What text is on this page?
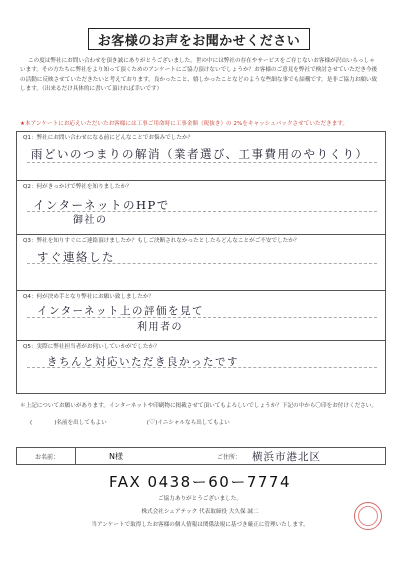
お客様のお声をお聞かせください

この度は弊社にお問い合わせを頂き誠にありがとうございました。世の中には弊社の存在やサービスをご存じないお客様が沢山いらっしゃいます。その方たちに弊社をより知って頂くためのアンケートにご協力頂けないでしょうか？お客様のご意見を弊社で検討させていただき今後の活動に反映させていただきたいと考えております。良かったこと、嬉しかったことなどのような些細な事でも結構です。是非ご協力お願い致します。（出来るだけ具体的に書いて頂ければ幸いです）

★本アンケートにお応えいただいたお客様には工事ご用命時に工事金額（税抜き）の 2%をキャッシュバックさせていただきます。
Q1：弊社にお問い合わせになる前にどんなことでお悩みでしたか？
雨どいのつまりの解消（業者選び、工事費用のやりくり）
Q2：何がきっかけで弊社を知りましたか？
インターネットのHPで
御社の
Q3：弊社を知りすぐにご連絡頂けましたか？もしご決断されなかったとしたらどんなことがご不安でしたか？
すぐ連絡した
Q4：何が決め手となり弊社にお願い致しましたか？
インターネット上の評価を見て
利用者の
Q5：実際に弊社担当者がお伺いしていかがでしたか？
きちんと対応いただき良かったです
＊上記についてお願いがあります。インターネットや印刷物に掲載させて頂いてもよろしいでしょうか？下記の中から〇印をお付けください。
(	)名前を出してもよい	(♡)イニシャルなら出してもよい
お名前：	N様	ご住所： 横浜市港北区
FAX 0438ー60ー7774
ご協力ありがとうございました。
株式会社シェアテック 代表取締役 大久保 誠二
当アンケートで取得したお客様の個人情報は関係法規に基づき厳正に管理いたします。
